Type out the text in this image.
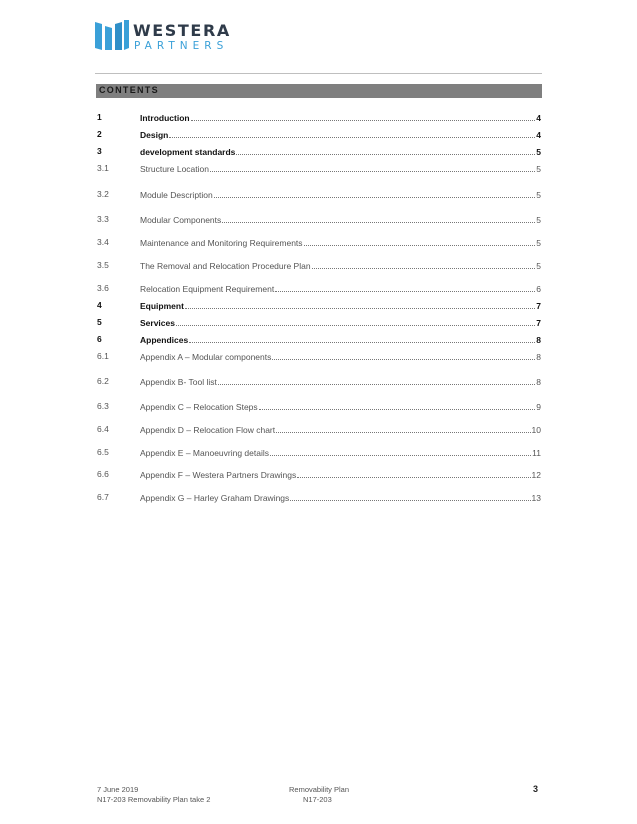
WESTERA
PARTNERS
CONTENTS
1	Introduction	4
2	Design	4
3	development standards	5
3.1	Structure Location	5
3.2	Module Description	5
3.3	Modular Components	5
3.4	Maintenance and Monitoring Requirements	5
3.5	The Removal and Relocation Procedure Plan	5
3.6	Relocation Equipment Requirement	6
4	Equipment	7
5	Services	7
6	Appendices	8
6.1	Appendix A – Modular components	8
6.2	Appendix B- Tool list	8
6.3	Appendix C – Relocation Steps	9
6.4	Appendix D – Relocation Flow chart	10
6.5	Appendix E – Manoeuvring details	11
6.6	Appendix F – Westera Partners Drawings	12
6.7	Appendix G – Harley Graham Drawings	13
7 June 2019
N17-203 Removability Plan take 2
Removability Plan
N17-203
3
